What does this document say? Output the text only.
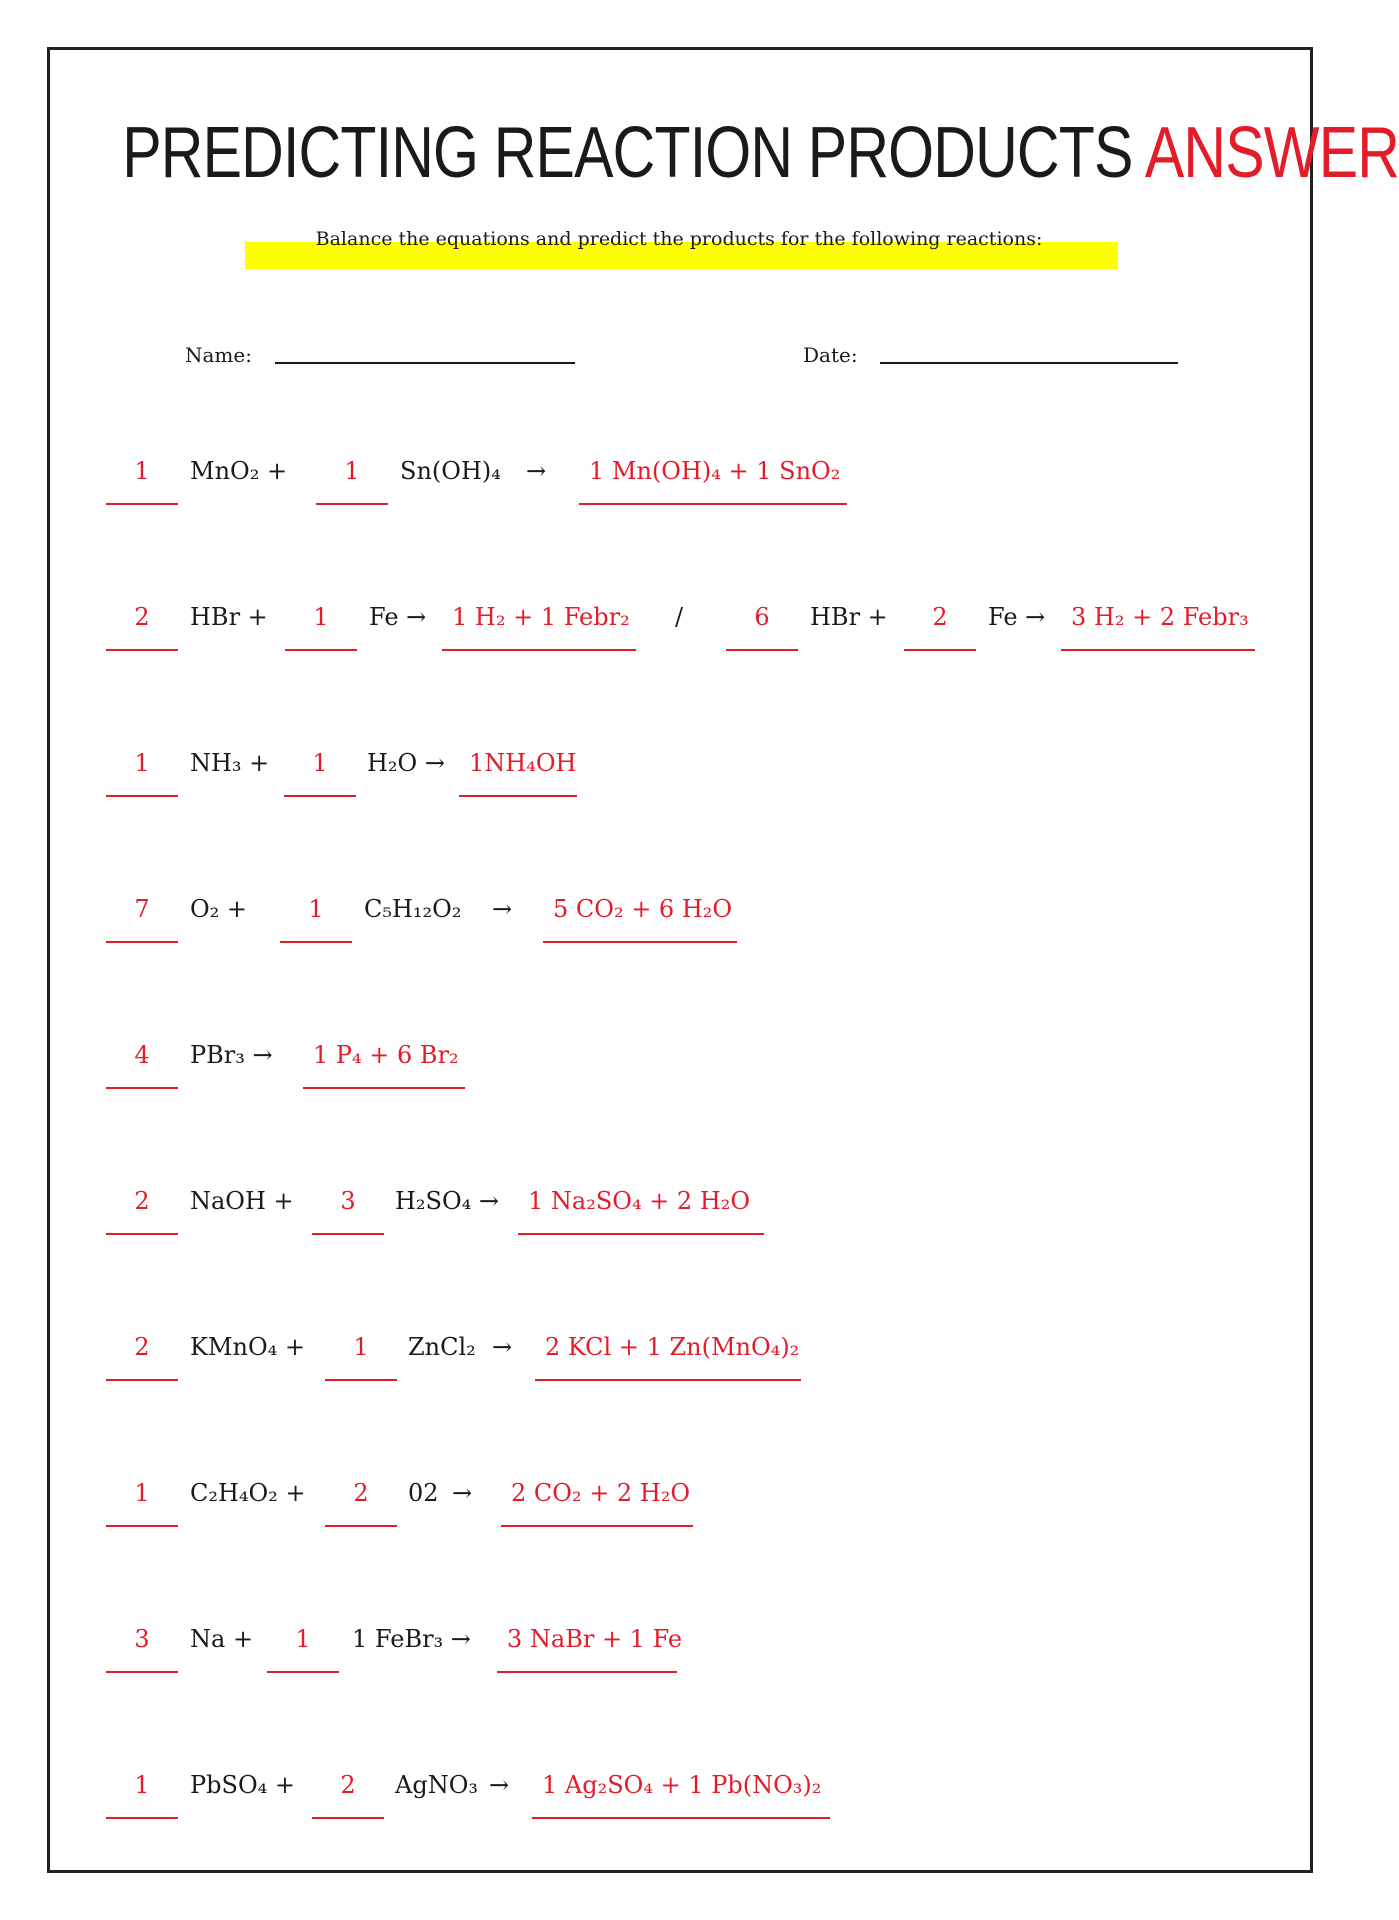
PREDICTING REACTION PRODUCTS ANSWER
Balance the equations and predict the products for the following reactions:
Name:	Date:
1	MnO₂ +	1	Sn(OH)₄ →	1 Mn(OH)₄ + 1 SnO₂
2	HBr +	1	Fe →	1 H₂ + 1 Febr₂ /	6	HBr +	2	Fe →	3 H₂ + 2 Febr₃
1	NH₃ +	1	H₂O →	1NH₄OH
7	O₂ +	1	C₅H₁₂O₂ →	5 CO₂ + 6 H₂O
4	PBr₃ →	1 P₄ + 6 Br₂
2	NaOH +	3	H₂SO₄ →	1 Na₂SO₄ + 2 H₂O
2	KMnO₄ +	1	ZnCl₂ →	2 KCl + 1 Zn(MnO₄)₂
1	C₂H₄O₂ +	2	02 →	2 CO₂ + 2 H₂O
3	Na +	1	1 FeBr₃ →	3 NaBr + 1 Fe
1	PbSO₄ +	2	AgNO₃ →	1 Ag₂SO₄ + 1 Pb(NO₃)₂
